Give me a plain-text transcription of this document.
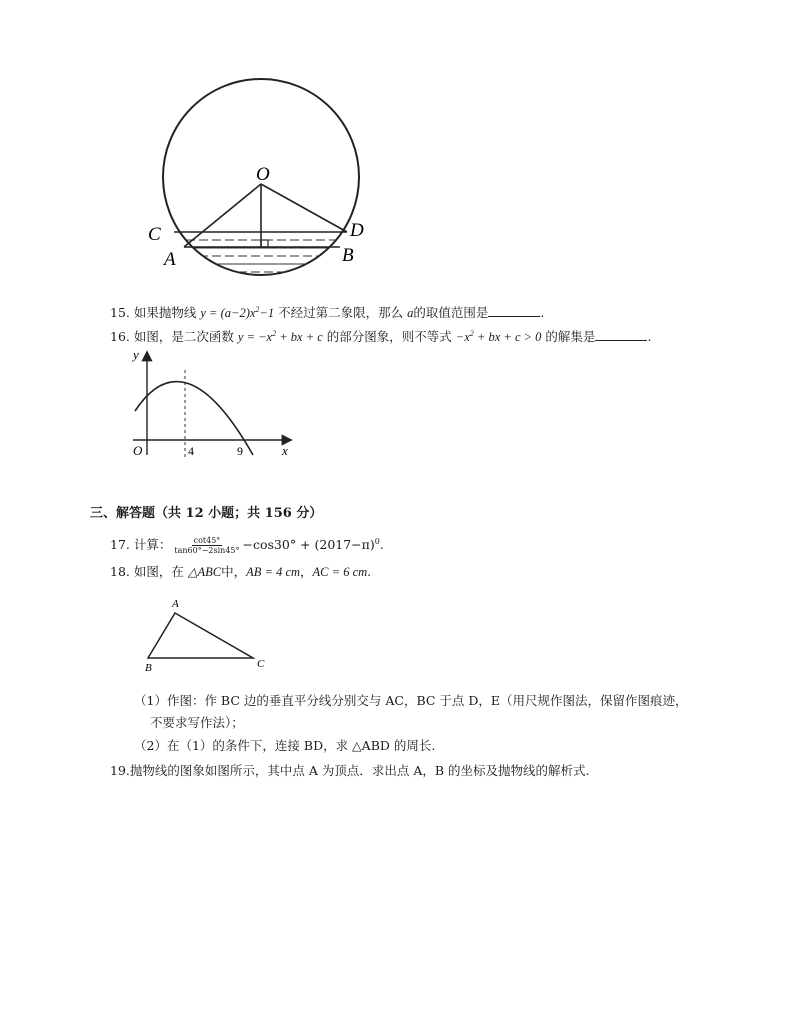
O
C	D
A	B
15. 如果抛物线 $y = (a-2)x^2-1$ 不经过第二象限，那么 a的取值范围是	.
16. 如图，是二次函数 $y = -x^2$ + bx + c 的部分图象，则不等式 $-x^2$ + bx + c > 0 的解集是	.
y
x
O	4	9
三、解答题（共 12 小题；共 156 分）
17. 计算： $\frac{\cot 45^\circ}{\tan 60^\circ-2\sin 45^\circ} -\cos 30^\circ + (2017-\pi)^0$.
18. 如图，在 △ABC中，AB = 4 cm，AC = 6 cm.
A
B	C
（1）作图：作 BC 边的垂直平分线分别交与 AC，BC 于点 D，E（用尺规作图法，保留作图痕迹，
不要求写作法）；
（2）在（1）的条件下，连接 BD，求 △ABD 的周长.
19.抛物线的图象如图所示，其中点 A 为顶点．求出点 A，B 的坐标及抛物线的解析式.
